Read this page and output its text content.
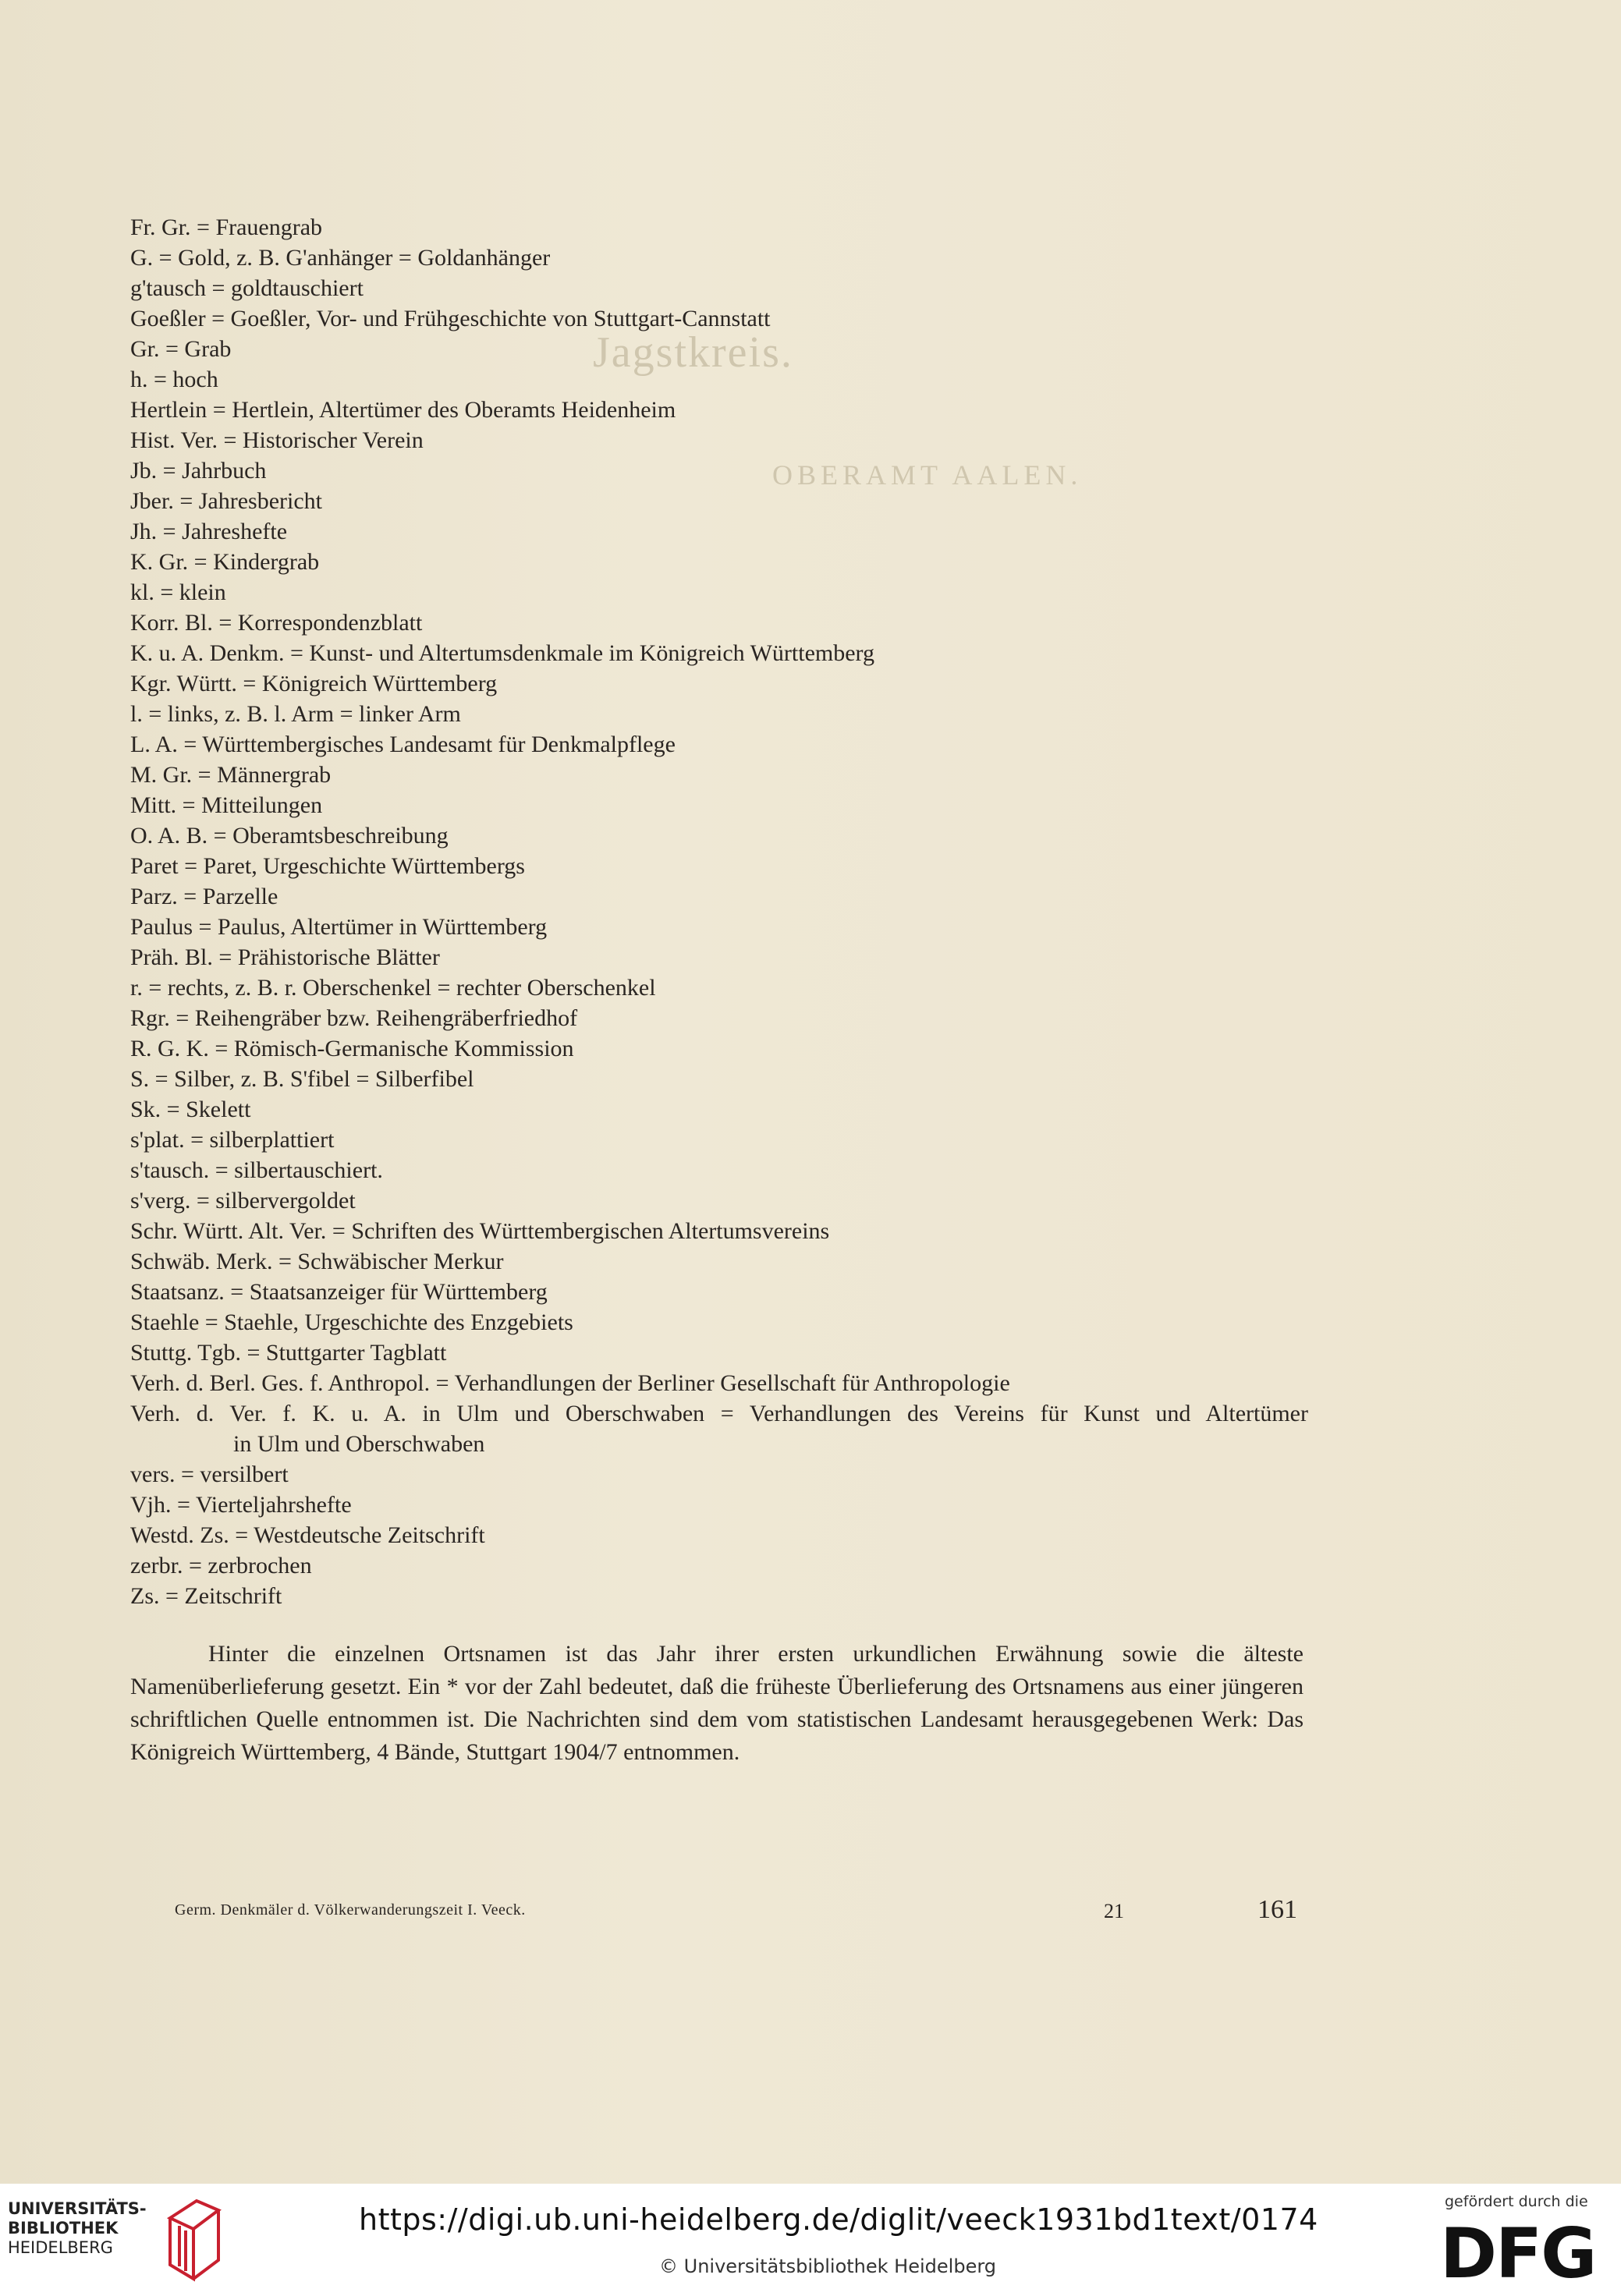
Jagstkreis.
OBERAMT AALEN.
Fr. Gr. = Frauengrab
G. = Gold, z. B. G'anhänger = Goldanhänger
g'tausch = goldtauschiert
Goeßler = Goeßler, Vor- und Frühgeschichte von Stuttgart-Cannstatt
Gr. = Grab
h. = hoch
Hertlein = Hertlein, Altertümer des Oberamts Heidenheim
Hist. Ver. = Historischer Verein
Jb. = Jahrbuch
Jber. = Jahresbericht
Jh. = Jahreshefte
K. Gr. = Kindergrab
kl. = klein
Korr. Bl. = Korrespondenzblatt
K. u. A. Denkm. = Kunst- und Altertumsdenkmale im Königreich Württemberg
Kgr. Württ. = Königreich Württemberg
l. = links, z. B. l. Arm = linker Arm
L. A. = Württembergisches Landesamt für Denkmalpflege
M. Gr. = Männergrab
Mitt. = Mitteilungen
O. A. B. = Oberamtsbeschreibung
Paret = Paret, Urgeschichte Württembergs
Parz. = Parzelle
Paulus = Paulus, Altertümer in Württemberg
Präh. Bl. = Prähistorische Blätter
r. = rechts, z. B. r. Oberschenkel = rechter Oberschenkel
Rgr. = Reihengräber bzw. Reihengräberfriedhof
R. G. K. = Römisch-Germanische Kommission
S. = Silber, z. B. S'fibel = Silberfibel
Sk. = Skelett
s'plat. = silberplattiert
s'tausch. = silbertauschiert.
s'verg. = silbervergoldet
Schr. Württ. Alt. Ver. = Schriften des Württembergischen Altertumsvereins
Schwäb. Merk. = Schwäbischer Merkur
Staatsanz. = Staatsanzeiger für Württemberg
Staehle = Staehle, Urgeschichte des Enzgebiets
Stuttg. Tgb. = Stuttgarter Tagblatt
Verh. d. Berl. Ges. f. Anthropol. = Verhandlungen der Berliner Gesellschaft für Anthropologie
Verh. d. Ver. f. K. u. A. in Ulm und Oberschwaben = Verhandlungen des Vereins für Kunst und Altertümer
in Ulm und Oberschwaben
vers. = versilbert
Vjh. = Vierteljahrshefte
Westd. Zs. = Westdeutsche Zeitschrift
zerbr. = zerbrochen
Zs. = Zeitschrift

Hinter die einzelnen Ortsnamen ist das Jahr ihrer ersten urkundlichen Erwähnung sowie die älteste Namenüberlieferung gesetzt. Ein * vor der Zahl bedeutet, daß die früheste Überlieferung des Ortsnamens aus einer jüngeren schriftlichen Quelle entnommen ist. Die Nachrichten sind dem vom statistischen Landesamt herausgegebenen Werk: Das Königreich Württemberg, 4 Bände, Stuttgart 1904/7 entnommen.

Germ. Denkmäler d. Völkerwanderungszeit I. Veeck.	21	161
UNIVERSITÄTS-
BIBLIOTHEK
HEIDELBERG
https://digi.ub.uni-heidelberg.de/diglit/veeck1931bd1text/0174
© Universitätsbibliothek Heidelberg
gefördert durch die
DFG
